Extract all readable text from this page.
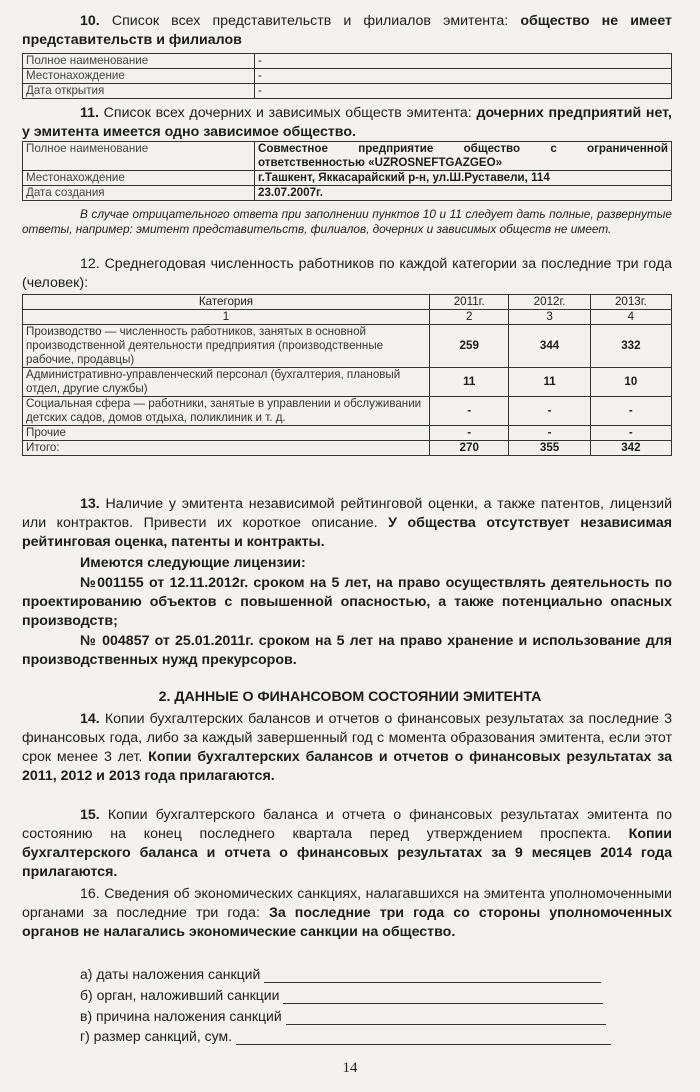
10. Список всех представительств и филиалов эмитента: общество не имеет представительств и филиалов

Полное наименование	-
Местонахождение	-
Дата открытия	-

11. Список всех дочерних и зависимых обществ эмитента: дочерних предприятий нет, у эмитента имеется одно зависимое общество.

Полное наименование	Совместное предприятие общество с ограниченной ответственностью «UZROSNEFTGAZGEO»
Местонахождение	г.Ташкент, Яккасарайский р-н, ул.Ш.Руставели, 114
Дата создания	23.07.2007г.

В случае отрицательного ответа при заполнении пунктов 10 и 11 следует дать полные, развернутые ответы, например: эмитент представительств, филиалов, дочерних и зависимых обществ не имеет.

12. Среднегодовая численность работников по каждой категории за последние три года (человек):

Категория	2011г.	2012г.	2013г.
1	2	3	4
Производство — численность работников, занятых в основной производственной деятельности предприятия (производственные рабочие, продавцы)	259	344	332
Административно-управленческий персонал (бухгалтерия, плановый отдел, другие службы)	11	11	10
Социальная сфера — работники, занятые в управлении и обслуживании детских садов, домов отдыха, поликлиник и т. д.	-	-	-
Прочие	-	-	-
Итого:	270	355	342

13. Наличие у эмитента независимой рейтинговой оценки, а также патентов, лицензий или контрактов. Привести их короткое описание. У общества отсутствует независимая рейтинговая оценка, патенты и контракты.

Имеются следующие лицензии:

№001155 от 12.11.2012г. сроком на 5 лет, на право осуществлять деятельность по проектированию объектов с повышенной опасностью, а также потенциально опасных производств;

№ 004857 от 25.01.2011г. сроком на 5 лет на право хранение и использование для производственных нужд прекурсоров.

2. ДАННЫЕ О ФИНАНСОВОМ СОСТОЯНИИ ЭМИТЕНТА

14. Копии бухгалтерских балансов и отчетов о финансовых результатах за последние 3 финансовых года, либо за каждый завершенный год с момента образования эмитента, если этот срок менее 3 лет. Копии бухгалтерских балансов и отчетов о финансовых результатах за 2011, 2012 и 2013 года прилагаются.

15. Копии бухгалтерского баланса и отчета о финансовых результатах эмитента по состоянию на конец последнего квартала перед утверждением проспекта. Копии бухгалтерского баланса и отчета о финансовых результатах за 9 месяцев 2014 года прилагаются.

16. Сведения об экономических санкциях, налагавшихся на эмитента уполномоченными органами за последние три года: За последние три года со стороны уполномоченных органов не налагались экономические санкции на общество.

а) даты наложения санкций

б) орган, наложивший санкции

в) причина наложения санкций

г) размер санкций, сум.

14
